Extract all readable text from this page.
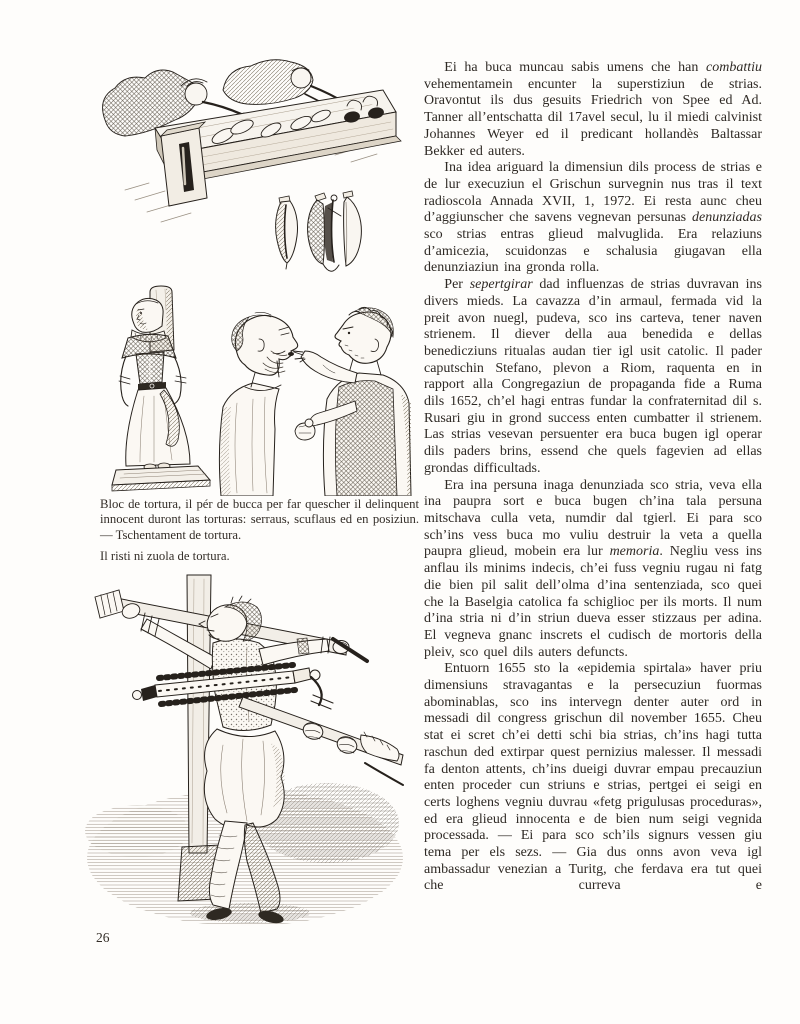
Bloc de tortura, il pér de bucca per far quescher il delinquent innocent duront las torturas: serraus, scuflaus ed en posiziun. — Tschentament de tortura.
Il risti ni zuola de tortura.

Ei ha buca muncau sabis umens che han combattiu vehementamein encunter la superstiziun de strias. Oravontut ils dus gesuits Friedrich von Spee ed Ad. Tanner all’entschatta dil 17avel secul, lu il miedi calvinist Johannes Weyer ed il predicant hollandès Baltassar Bekker ed auters.

Ina idea ariguard la dimensiun dils process de strias e de lur execuziun el Grischun survegnin nus tras il text radioscola Annada XVII, 1, 1972. Ei resta aunc cheu d’aggiunscher che savens vegnevan persunas denunziadas sco strias entras glieud malvuglida. Era relaziuns d’amicezia, scuidonzas e schalusia giugavan ella denunziaziun ina gronda rolla.

Per sepertgirar dad influenzas de strias duvravan ins divers mieds. La cavazza d’in armaul, fermada vid la preit avon nuegl, pudeva, sco ins carteva, tener naven strienem. Il diever della aua benedida e dellas benedicziuns ritualas audan tier igl usit catolic. Il pader caputschin Stefano, plevon a Riom, raquenta en in rapport alla Congregaziun de propaganda fide a Ruma dils 1652, ch’el hagi entras fundar la confraternitad dil s. Rusari giu in grond success enten cumbatter il strienem. Las strias vesevan persuenter era buca bugen igl operar dils paders brins, essend che quels fagevien ad ellas grondas difficultads.

Era ina persuna inaga denunziada sco stria, veva ella ina paupra sort e buca bugen ch’ina tala persuna mitschava culla veta, numdir dal tgierl. Ei para sco sch’ins vess buca mo vuliu destruir la veta a quella paupra glieud, mobein era lur memoria. Negliu vess ins anflau ils minims indecis, ch’ei fuss vegniu rugau ni fatg die bien pil salit dell’olma d’ina sentenziada, sco quei che la Baselgia catolica fa schiglioc per ils morts. Il num d’ina stria ni d’in striun dueva esser stizzaus per adina. El vegneva gnanc inscrets el cudisch de mortoris della pleiv, sco quel dils auters defuncts.

Entuorn 1655 sto la «epidemia spirtala» haver priu dimensiuns stravagantas e la persecuziun fuormas abominablas, sco ins intervegn denter auter ord in messadi dil congress grischun dil november 1655. Cheu stat ei scret ch’ei detti schi bia strias, ch’ins hagi tutta raschun ded extirpar quest pernizius malesser. Il messadi fa denton attents, ch’ins dueigi duvrar empau precauziun enten proceder cun striuns e strias, pertgei ei seigi en certs loghens vegniu duvrau «fetg prigulusas proceduras», ed era glieud innocenta e de bien num seigi vegnida processada. — Ei para sco sch’ils signurs vessen giu tema per els sezs. — Gia dus onns avon veva igl ambassadur venezian a Turitg, che ferdava era tut quei che curreva e

26
